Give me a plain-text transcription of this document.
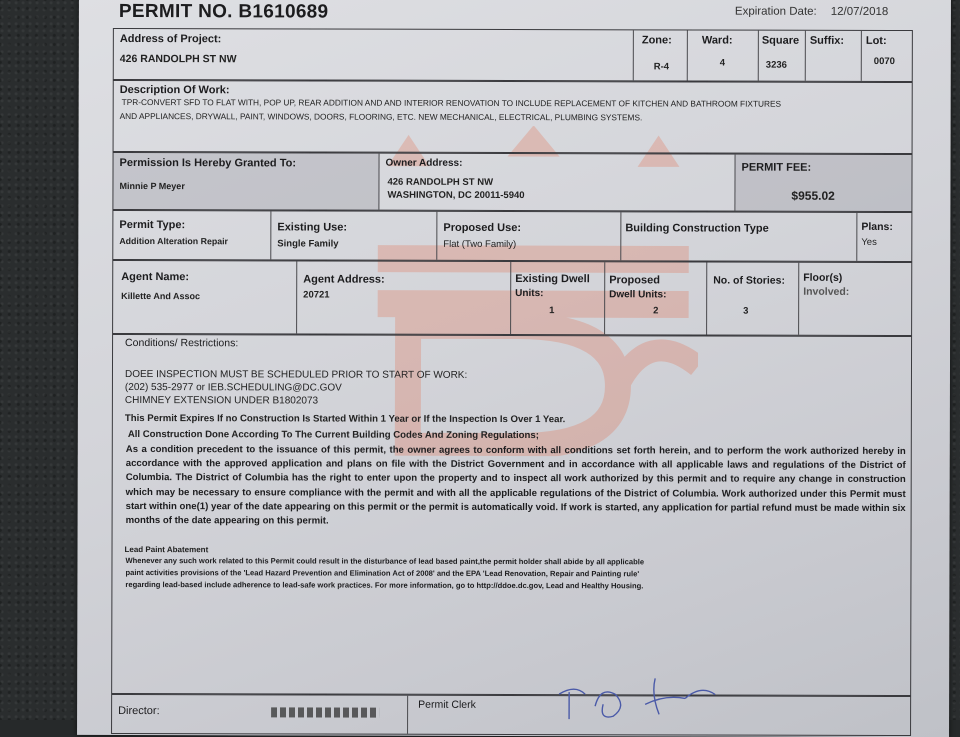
PERMIT NO. B1610689	Expiration Date: 12/07/2018
Address of Project:
426 RANDOLPH ST NW
Zone:
R-4
Ward:
4
Square
3236
Suffix: Lot:
0070
Description Of Work:
TPR-CONVERT SFD TO FLAT WITH, POP UP, REAR ADDITION AND AND INTERIOR RENOVATION TO INCLUDE REPLACEMENT OF KITCHEN AND BATHROOM FIXTURES
AND APPLIANCES, DRYWALL, PAINT, WINDOWS, DOORS, FLOORING, ETC. NEW MECHANICAL, ELECTRICAL, PLUMBING SYSTEMS.
Permission Is Hereby Granted To:
Minnie P Meyer
Owner Address:
426 RANDOLPH ST NW
WASHINGTON, DC 20011-5940
PERMIT FEE:
$955.02
Permit Type:
Addition Alteration Repair
Existing Use:
Single Family
Proposed Use:
Flat (Two Family)
Building Construction Type	Plans:
Yes
Agent Name:
Killette And Assoc
Agent Address:
20721
Existing Dwell
Units:
1
Proposed
Dwell Units:
2
No. of Stories:
3
Floor(s)
Involved:
Conditions/ Restrictions:
DOEE INSPECTION MUST BE SCHEDULED PRIOR TO START OF WORK:
(202) 535-2977 or IEB.SCHEDULING@DC.GOV
CHIMNEY EXTENSION UNDER B1802073
This Permit Expires If no Construction Is Started Within 1 Year or If the Inspection Is Over 1 Year.
All Construction Done According To The Current Building Codes And Zoning Regulations;
As a condition precedent to the issuance of this permit, the owner agrees to conform with all conditions set forth herein, and to perform the work authorized hereby in accordance with the approved application and plans on file with the District Government and in accordance with all applicable laws and regulations of the District of Columbia. The District of Columbia has the right to enter upon the property and to inspect all work authorized by this permit and to require any change in construction which may be necessary to ensure compliance with the permit and with all the applicable regulations of the District of Columbia. Work authorized under this Permit must start within one(1) year of the date appearing on this permit or the permit is automatically void. If work is started, any application for partial refund must be made within six months of the date appearing on this permit.
Lead Paint Abatement
Whenever any such work related to this Permit could result in the disturbance of lead based paint,the permit holder shall abide by all applicable
paint activities provisions of the 'Lead Hazard Prevention and Elimination Act of 2008' and the EPA 'Lead Renovation, Repair and Painting rule'
regarding lead-based include adherence to lead-safe work practices. For more information, go to http://ddoe.dc.gov, Lead and Healthy Housing.
Director:
Permit Clerk
